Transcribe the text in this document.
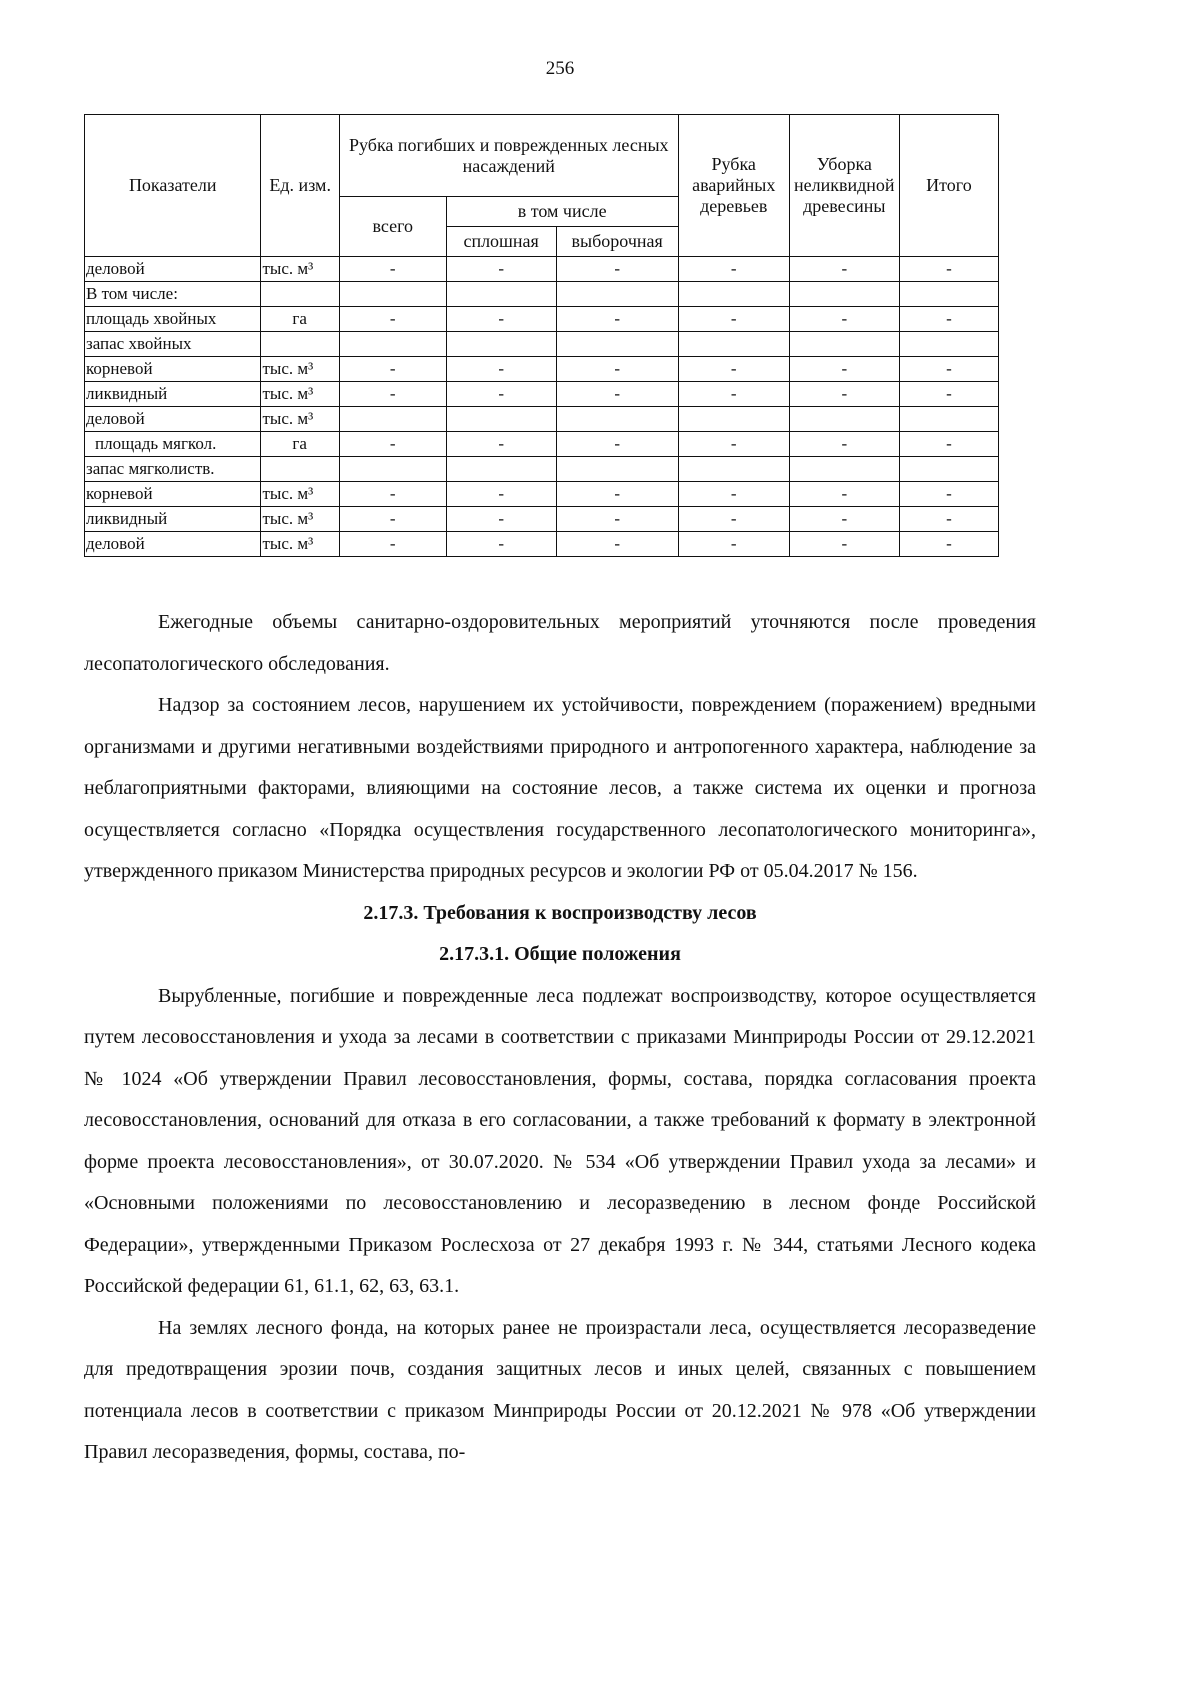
256
Показатели	Ед. изм.	Рубка погибших и поврежденных лесных насаждений			Рубка аварийных деревьев	Уборка неликвидной древесины	Итого
		всего	в том числе				
			сплошная	выборочная			
деловой	тыс. м³	-	-	-	-	-	-
В том числе:							
площадь хвойных	га	-	-	-	-	-	-
запас хвойных							
корневой	тыс. м³	-	-	-	-	-	-
ликвидный	тыс. м³	-	-	-	-	-	-
деловой	тыс. м³						
площадь мягкол.	га	-	-	-	-	-	-
запас мягколиств.							
корневой	тыс. м³	-	-	-	-	-	-
ликвидный	тыс. м³	-	-	-	-	-	-
деловой	тыс. м³	-	-	-	-	-	-

Ежегодные объемы санитарно-оздоровительных мероприятий уточняются после проведения лесопатологического обследования.

Надзор за состоянием лесов, нарушением их устойчивости, повреждением (поражением) вредными организмами и другими негативными воздействиями природного и антропогенного характера, наблюдение за неблагоприятными факторами, влияющими на состояние лесов, а также система их оценки и прогноза осуществляется согласно «Порядка осуществления государственного лесопатологического мониторинга», утвержденного приказом Министерства природных ресурсов и экологии РФ от 05.04.2017 № 156.

2.17.3. Требования к воспроизводству лесов
2.17.3.1. Общие положения

Вырубленные, погибшие и поврежденные леса подлежат воспроизводству, которое осуществляется путем лесовосстановления и ухода за лесами в соответствии с приказами Минприроды России от 29.12.2021 № 1024 «Об утверждении Правил лесовосстановления, формы, состава, порядка согласования проекта лесовосстановления, оснований для отказа в его согласовании, а также требований к формату в электронной форме проекта лесовосстановления», от 30.07.2020. № 534 «Об утверждении Правил ухода за лесами» и «Основными положениями по лесовосстановлению и лесоразведению в лесном фонде Российской Федерации», утвержденными Приказом Рослесхоза от 27 декабря 1993 г. № 344, статьями Лесного кодека Российской федерации 61, 61.1, 62, 63, 63.1.

На землях лесного фонда, на которых ранее не произрастали леса, осуществляется лесоразведение для предотвращения эрозии почв, создания защитных лесов и иных целей, связанных с повышением потенциала лесов в соответствии с приказом Минприроды России от 20.12.2021 № 978 «Об утверждении Правил лесоразведения, формы, состава, по-
